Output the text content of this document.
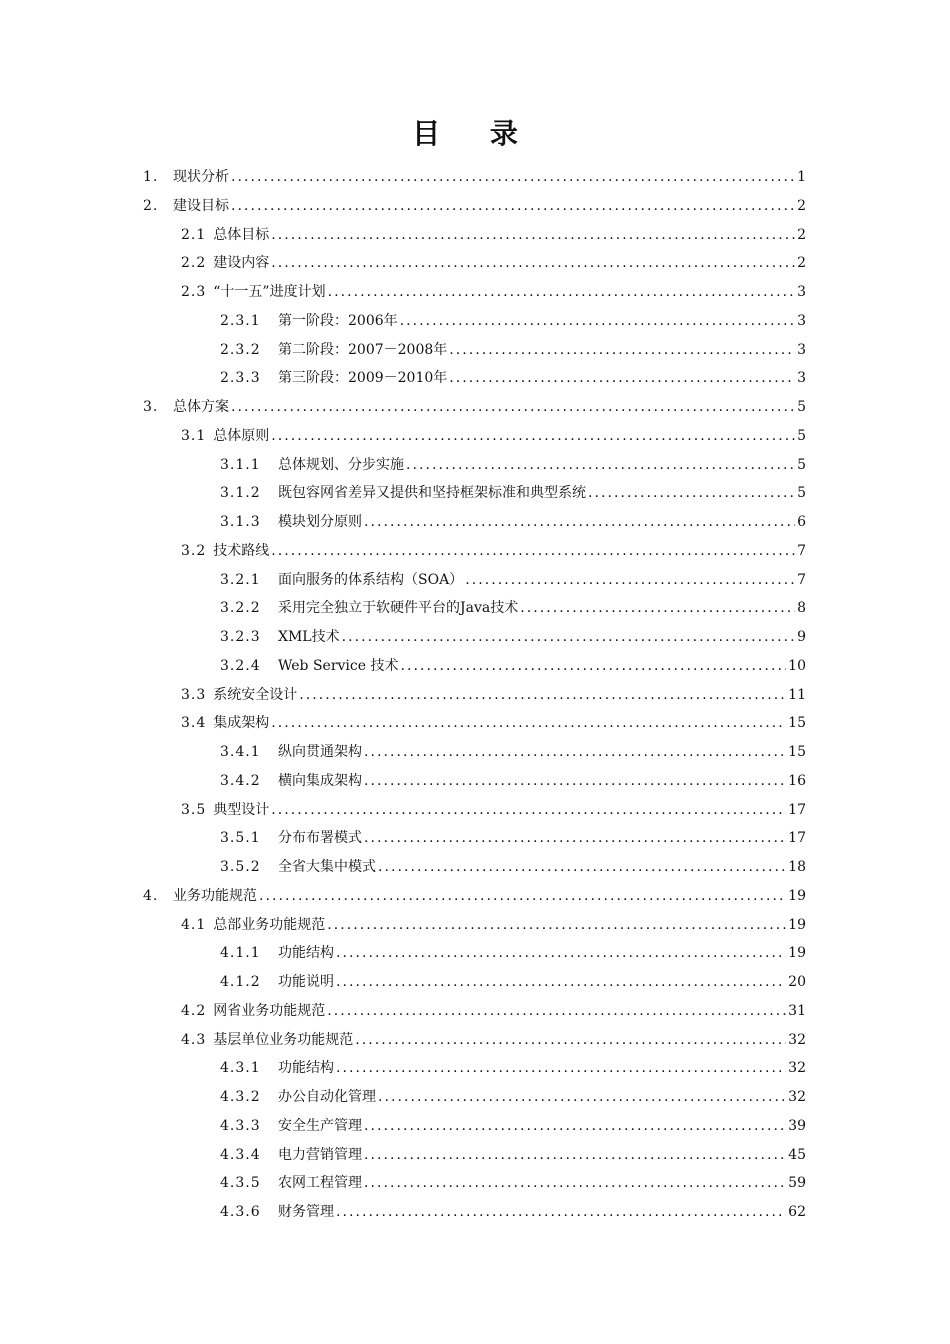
目 录
1.	现状分析 . . .	1
2.	建设目标 . . .	2
2.1 总体目标 . . .	2
2.2 建设内容 . . .	2
2.3 “十一五”进度计划 . . .	3
2.3.1	第一阶段：2006年 . . .	3
2.3.2	第二阶段：2007－2008年 . . .	3
2.3.3	第三阶段：2009－2010年 . . .	3
3.	总体方案 . . .	5
3.1 总体原则 . . .	5
3.1.1	总体规划、分步实施 . . .	5
3.1.2	既包容网省差异又提供和坚持框架标准和典型系统 . . .	5
3.1.3	模块划分原则 . . .	6
3.2 技术路线 . . .	7
3.2.1	面向服务的体系结构（SOA） . . .	7
3.2.2	采用完全独立于软硬件平台的Java技术 . . .	8
3.2.3	XML技术 . . .	9
3.2.4	Web Service 技术 . . .	10
3.3 系统安全设计 . . .	11
3.4 集成架构 . . .	15
3.4.1	纵向贯通架构 . . .	15
3.4.2	横向集成架构 . . .	16
3.5 典型设计 . . .	17
3.5.1	分布布署模式 . . .	17
3.5.2	全省大集中模式 . . .	18
4.	业务功能规范 . . .	19
4.1 总部业务功能规范 . . .	19
4.1.1	功能结构 . . .	19
4.1.2	功能说明 . . .	20
4.2 网省业务功能规范 . . .	31
4.3 基层单位业务功能规范 . . .	32
4.3.1	功能结构 . . .	32
4.3.2	办公自动化管理 . . .	32
4.3.3	安全生产管理 . . .	39
4.3.4	电力营销管理 . . .	45
4.3.5	农网工程管理 . . .	59
4.3.6	财务管理 . . .	62
